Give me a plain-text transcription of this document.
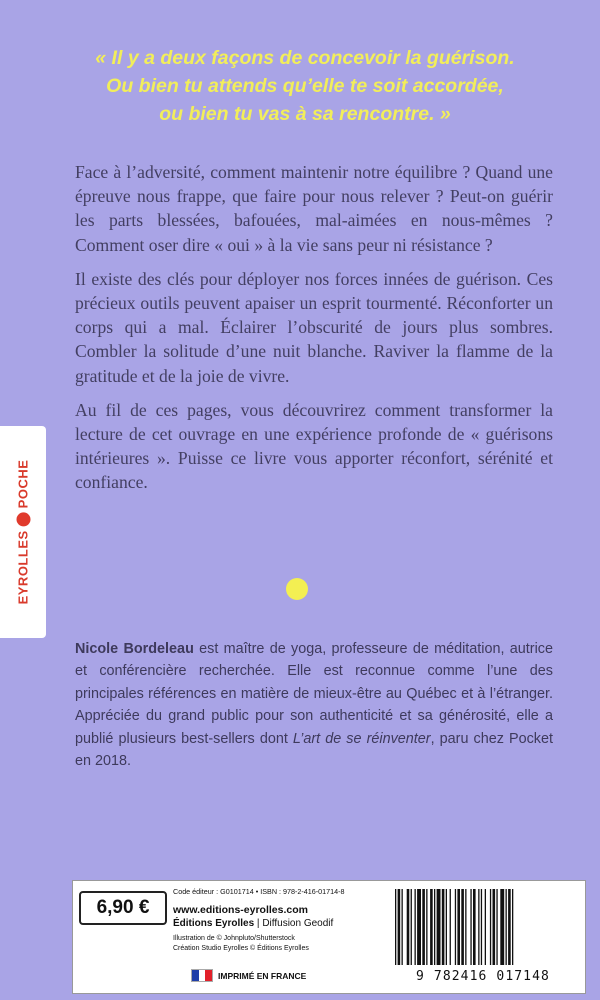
« Il y a deux façons de concevoir la guérison.
Ou bien tu attends qu’elle te soit accordée,
ou bien tu vas à sa rencontre. »

Face à l’adversité, comment maintenir notre équilibre ? Quand une épreuve nous frappe, que faire pour nous relever ? Peut-on guérir les parts blessées, bafouées, mal-aimées en nous-mêmes ? Comment oser dire « oui » à la vie sans peur ni résistance ?

Il existe des clés pour déployer nos forces innées de guérison. Ces précieux outils peuvent apaiser un esprit tourmenté. Réconforter un corps qui a mal. Éclairer l’obscurité de jours plus sombres. Combler la solitude d’une nuit blanche. Raviver la flamme de la gratitude et de la joie de vivre.

Au fil de ces pages, vous découvrirez comment transformer la lecture de cet ouvrage en une expérience profonde de « guérisons intérieures ». Puisse ce livre vous apporter réconfort, sérénité et confiance.

Nicole Bordeleau est maître de yoga, professeure de méditation, autrice et conférencière recherchée. Elle est reconnue comme l’une des principales références en matière de mieux-être au Québec et à l’étranger. Appréciée du grand public pour son authenticité et sa générosité, elle a publié plusieurs best-sellers dont L’art de se réinventer, paru chez Pocket en 2018.
EYROLLES
POCHE
6,90 €
Code éditeur : G0101714 • ISBN : 978-2-416-01714-8
www.editions-eyrolles.com
Éditions Eyrolles | Diffusion Geodif
Illustration de © Johnpluto/Shutterstock
Création Studio Eyrolles © Éditions Eyrolles
IMPRIMÉ EN FRANCE	9 782416 017148
